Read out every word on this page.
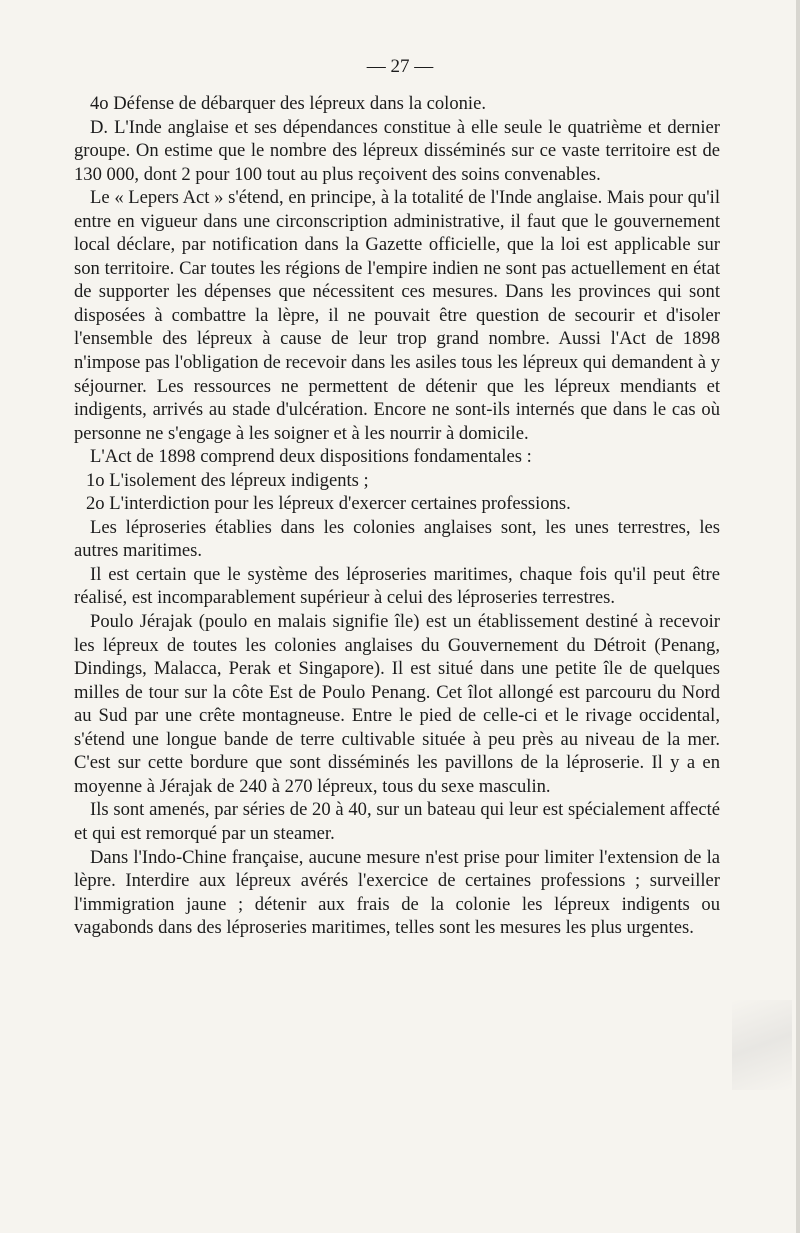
— 27 —

4o Défense de débarquer des lépreux dans la colonie.

D. L'Inde anglaise et ses dépendances constitue à elle seule le quatrième et dernier groupe. On estime que le nombre des lépreux disséminés sur ce vaste territoire est de 130 000, dont 2 pour 100 tout au plus reçoivent des soins convenables.

Le « Lepers Act » s'étend, en principe, à la totalité de l'Inde anglaise. Mais pour qu'il entre en vigueur dans une circonscription administrative, il faut que le gouvernement local déclare, par notification dans la Gazette officielle, que la loi est applicable sur son territoire. Car toutes les régions de l'empire indien ne sont pas actuellement en état de supporter les dépenses que nécessitent ces mesures. Dans les provinces qui sont disposées à combattre la lèpre, il ne pouvait être question de secourir et d'isoler l'ensemble des lépreux à cause de leur trop grand nombre. Aussi l'Act de 1898 n'impose pas l'obligation de recevoir dans les asiles tous les lépreux qui demandent à y séjourner. Les ressources ne permettent de détenir que les lépreux mendiants et indigents, arrivés au stade d'ulcération. Encore ne sont-ils internés que dans le cas où personne ne s'engage à les soigner et à les nourrir à domicile.

L'Act de 1898 comprend deux dispositions fondamentales :

1o L'isolement des lépreux indigents ;

2o L'interdiction pour les lépreux d'exercer certaines professions.

Les léproseries établies dans les colonies anglaises sont, les unes terrestres, les autres maritimes.

Il est certain que le système des léproseries maritimes, chaque fois qu'il peut être réalisé, est incomparablement supérieur à celui des léproseries terrestres.

Poulo Jérajak (poulo en malais signifie île) est un établissement destiné à recevoir les lépreux de toutes les colonies anglaises du Gouvernement du Détroit (Penang, Dindings, Malacca, Perak et Singapore). Il est situé dans une petite île de quelques milles de tour sur la côte Est de Poulo Penang. Cet îlot allongé est parcouru du Nord au Sud par une crête montagneuse. Entre le pied de celle-ci et le rivage occidental, s'étend une longue bande de terre cultivable située à peu près au niveau de la mer. C'est sur cette bordure que sont disséminés les pavillons de la léproserie. Il y a en moyenne à Jérajak de 240 à 270 lépreux, tous du sexe masculin.

Ils sont amenés, par séries de 20 à 40, sur un bateau qui leur est spécialement affecté et qui est remorqué par un steamer.

Dans l'Indo-Chine française, aucune mesure n'est prise pour limiter l'extension de la lèpre. Interdire aux lépreux avérés l'exercice de certaines professions ; surveiller l'immigration jaune ; détenir aux frais de la colonie les lépreux indigents ou vagabonds dans des léproseries maritimes, telles sont les mesures les plus urgentes.
